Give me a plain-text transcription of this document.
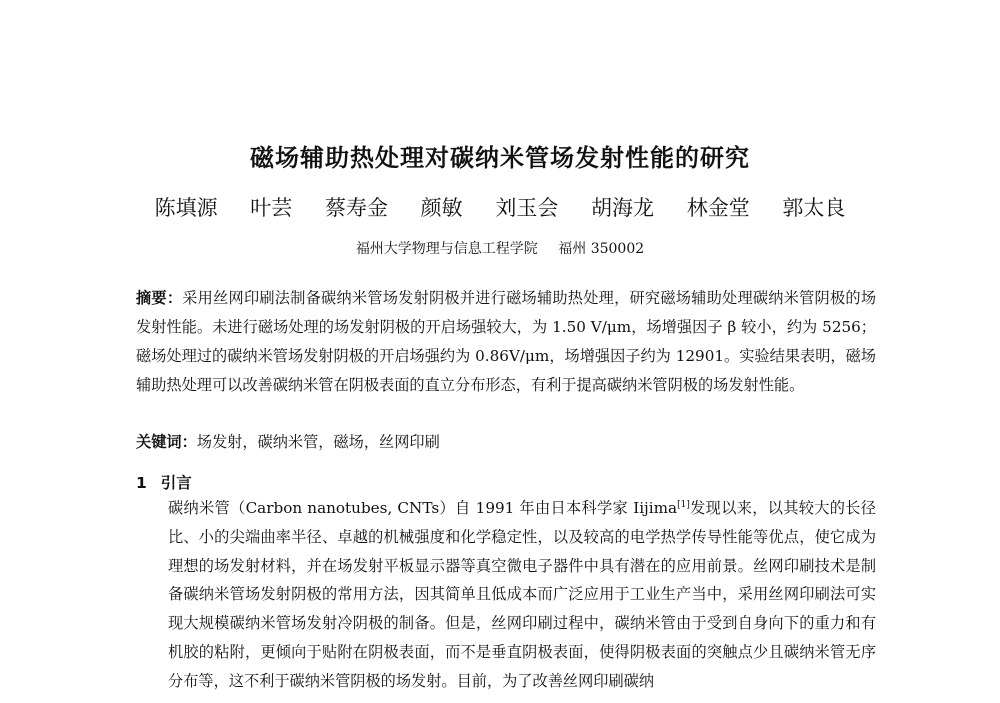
磁场辅助热处理对碳纳米管场发射性能的研究
陈填源 叶芸 蔡寿金 颜敏 刘玉会 胡海龙 林金堂 郭太良
福州大学物理与信息工程学院 福州 350002
摘要：采用丝网印刷法制备碳纳米管场发射阴极并进行磁场辅助热处理，研究磁场辅助处理碳纳米管阴极的场发射性能。未进行磁场处理的场发射阴极的开启场强较大，为 1.50 V/μm，场增强因子 β 较小，约为 5256；磁场处理过的碳纳米管场发射阴极的开启场强约为 0.86V/μm，场增强因子约为 12901。实验结果表明，磁场辅助热处理可以改善碳纳米管在阴极表面的直立分布形态，有利于提高碳纳米管阴极的场发射性能。
关键词：场发射，碳纳米管，磁场，丝网印刷
1 引言
碳纳米管（Carbon nanotubes, CNTs）自 1991 年由日本科学家 Iijima[1]发现以来，以其较大的长径比、小的尖端曲率半径、卓越的机械强度和化学稳定性，以及较高的电学热学传导性能等优点，使它成为理想的场发射材料，并在场发射平板显示器等真空微电子器件中具有潜在的应用前景。丝网印刷技术是制备碳纳米管场发射阴极的常用方法，因其简单且低成本而广泛应用于工业生产当中，采用丝网印刷法可实现大规模碳纳米管场发射冷阴极的制备。但是，丝网印刷过程中，碳纳米管由于受到自身向下的重力和有机胶的粘附，更倾向于贴附在阴极表面，而不是垂直阴极表面，使得阴极表面的突触点少且碳纳米管无序分布等，这不利于碳纳米管阴极的场发射。目前，为了改善丝网印刷碳纳
